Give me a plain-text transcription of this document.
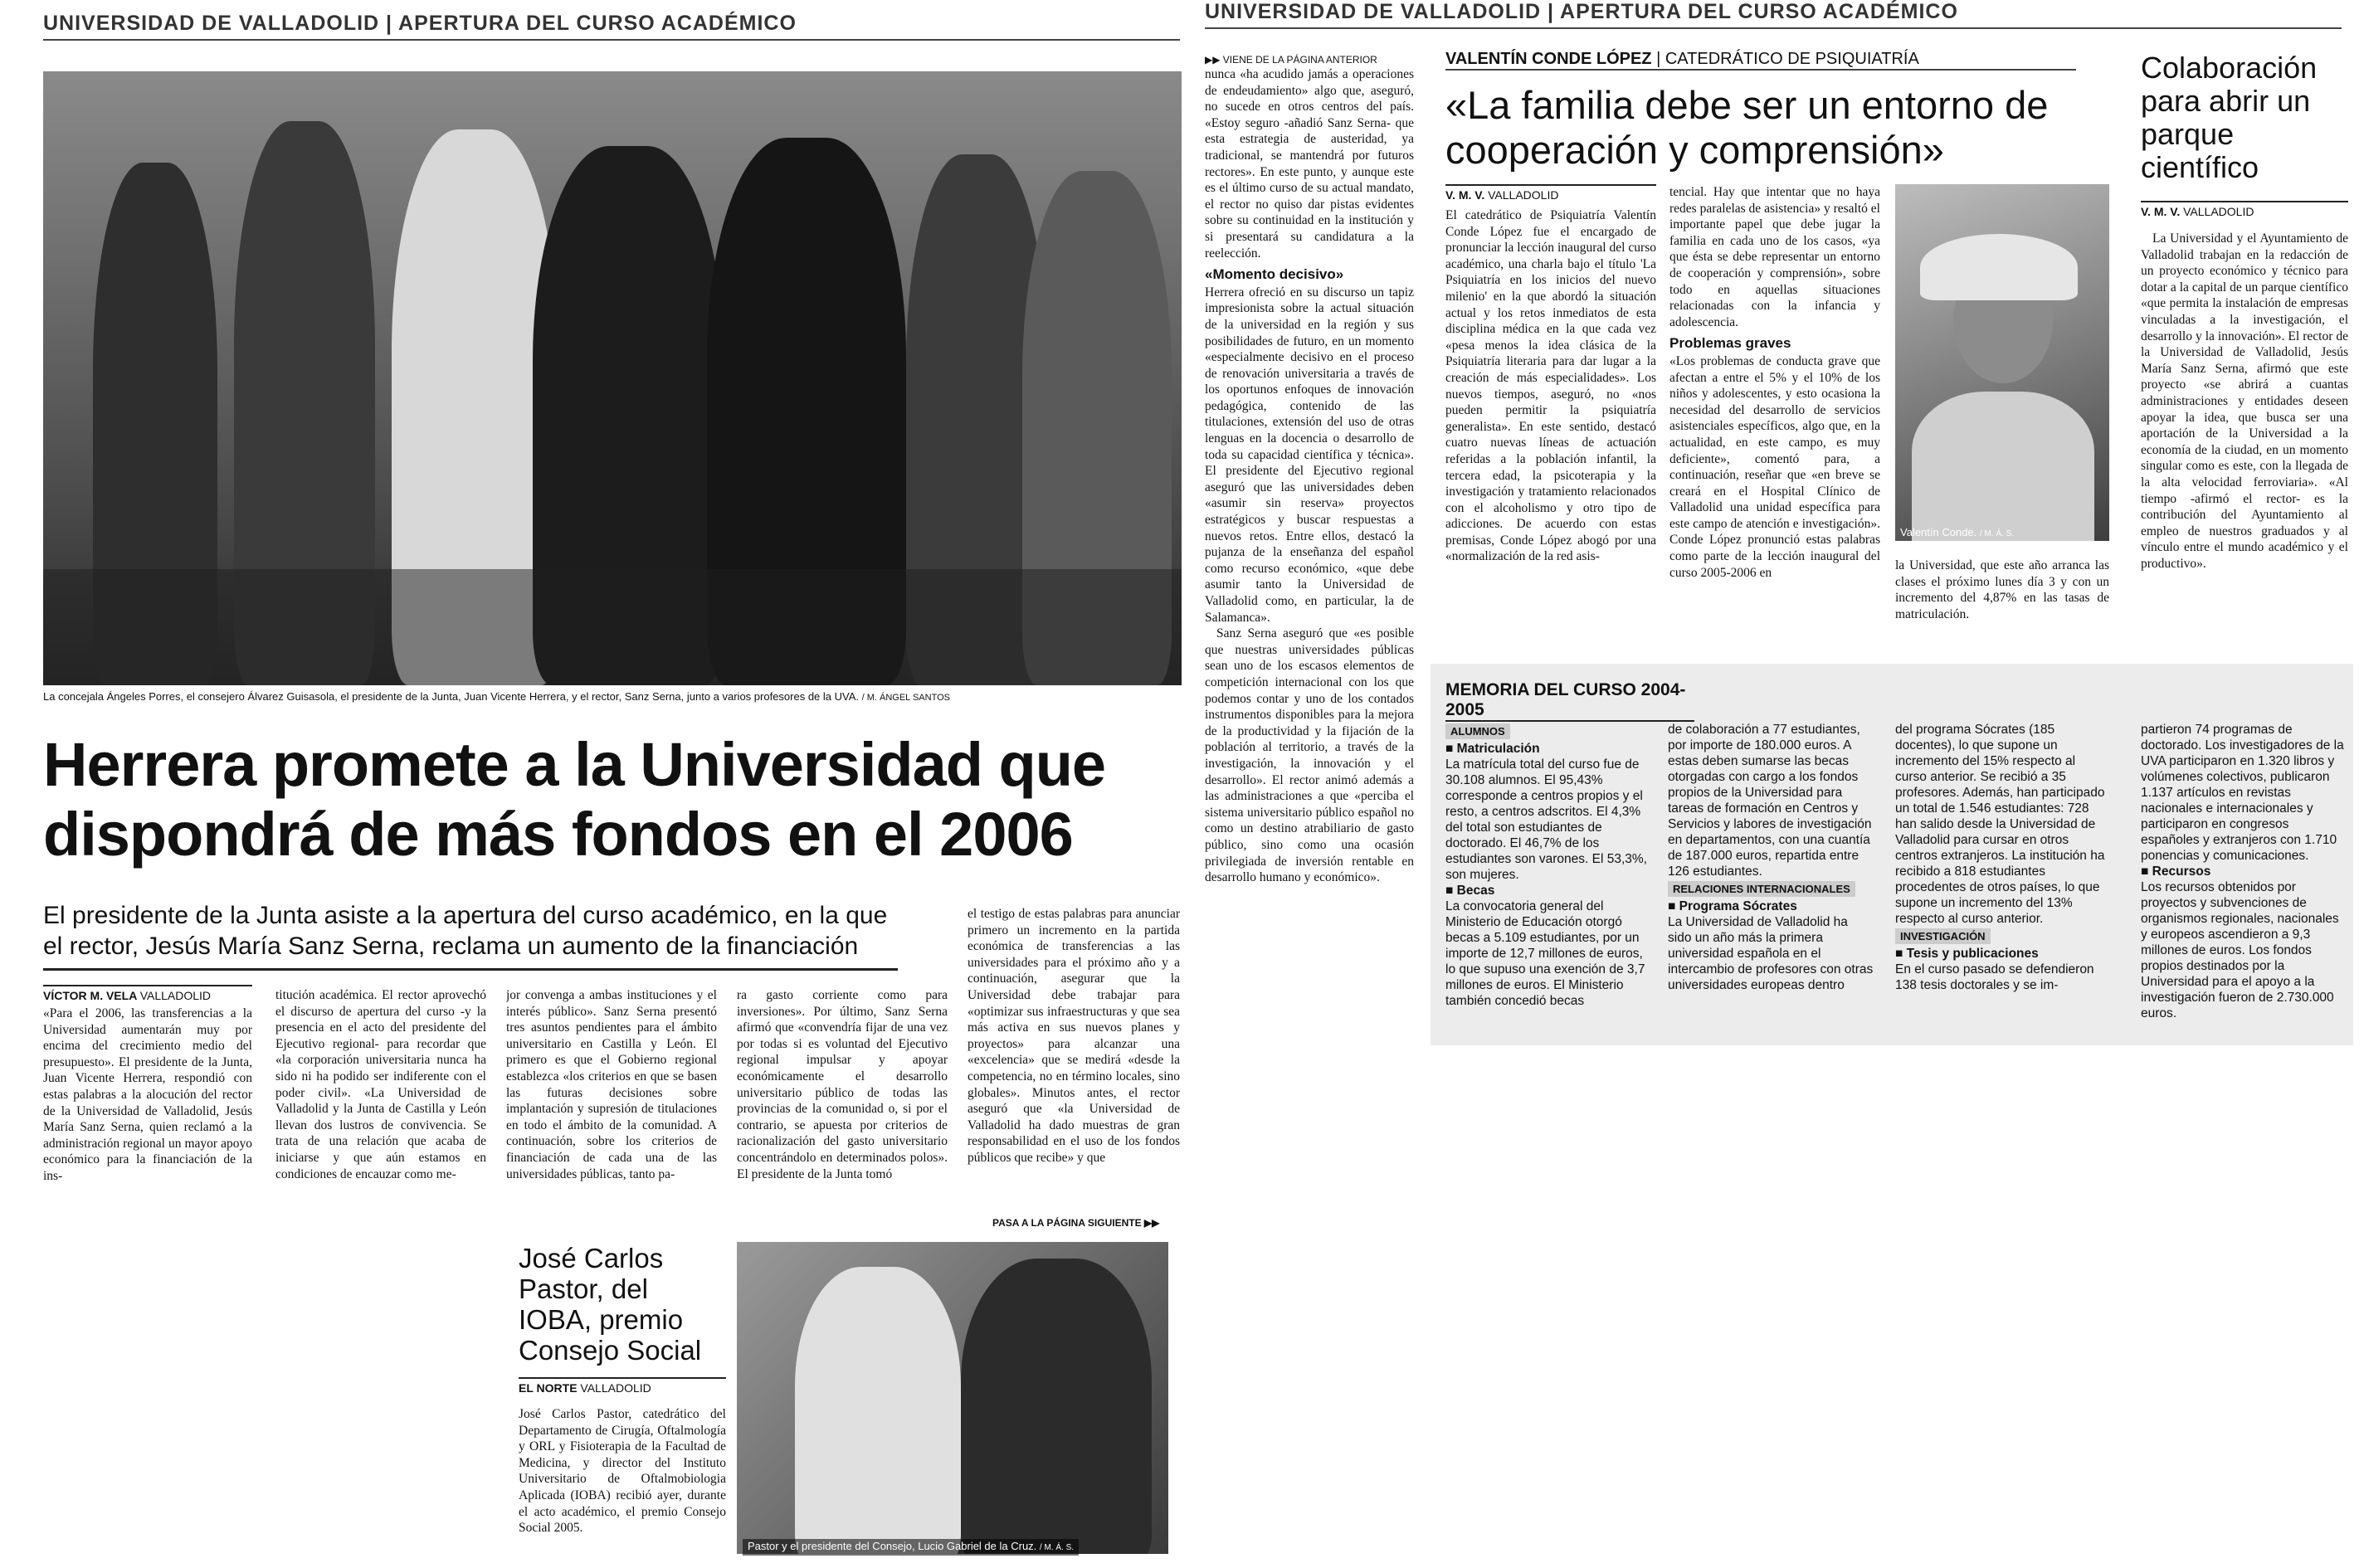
UNIVERSIDAD DE VALLADOLID | APERTURA DEL CURSO ACADÉMICO
La concejala Ángeles Porres, el consejero Álvarez Guisasola, el presidente de la Junta, Juan Vicente Herrera, y el rector, Sanz Serna, junto a varios profesores de la UVA. / M. ÁNGEL SANTOS
Herrera promete a la Universidad que dispondrá de más fondos en el 2006
El presidente de la Junta asiste a la apertura del curso académico, en la que el rector, Jesús María Sanz Serna, reclama un aumento de la financiación
VÍCTOR M. VELA VALLADOLID

«Para el 2006, las transferencias a la Universidad aumentarán muy por encima del crecimiento medio del presupuesto». El presidente de la Junta, Juan Vicente Herrera, respondió con estas palabras a la alocución del rector de la Universidad de Valladolid, Jesús María Sanz Serna, quien reclamó a la administración regional un mayor apoyo económico para la financiación de la ins-

titución académica. El rector aprovechó el discurso de apertura del curso -y la presencia en el acto del presidente del Ejecutivo regional- para recordar que «la corporación universitaria nunca ha sido ni ha podido ser indiferente con el poder civil». «La Universidad de Valladolid y la Junta de Castilla y León llevan dos lustros de convivencia. Se trata de una relación que acaba de iniciarse y que aún estamos en condiciones de encauzar como me-

jor convenga a ambas instituciones y el interés público». Sanz Serna presentó tres asuntos pendientes para el ámbito universitario en Castilla y León. El primero es que el Gobierno regional establezca «los criterios en que se basen las futuras decisiones sobre implantación y supresión de titulaciones en todo el ámbito de la comunidad. A continuación, sobre los criterios de financiación de cada una de las universidades públicas, tanto pa-

ra gasto corriente como para inversiones». Por último, Sanz Serna afirmó que «convendría fijar de una vez por todas si es voluntad del Ejecutivo regional impulsar y apoyar económicamente el desarrollo universitario público de todas las provincias de la comunidad o, si por el contrario, se apuesta por criterios de racionalización del gasto universitario concentrándolo en determinados polos». El presidente de la Junta tomó

el testigo de estas palabras para anunciar primero un incremento en la partida económica de transferencias a las universidades para el próximo año y a continuación, asegurar que la Universidad debe trabajar para «optimizar sus infraestructuras y que sea más activa en sus nuevos planes y proyectos» para alcanzar una «excelencia» que se medirá «desde la competencia, no en término locales, sino globales». Minutos antes, el rector aseguró que «la Universidad de Valladolid ha dado muestras de gran responsabilidad en el uso de los fondos públicos que recibe» y que

PASA A LA PÁGINA SIGUIENTE ▶▶
José Carlos Pastor, del IOBA, premio Consejo Social
EL NORTE VALLADOLID

José Carlos Pastor, catedrático del Departamento de Cirugía, Oftalmología y ORL y Fisioterapia de la Facultad de Medicina, y director del Instituto Universitario de Oftalmobiologia Aplicada (IOBA) recibió ayer, durante el acto académico, el premio Consejo Social 2005.

Pastor y el presidente del Consejo, Lucio Gabriel de la Cruz. / M. Á. S.
UNIVERSIDAD DE VALLADOLID | APERTURA DEL CURSO ACADÉMICO
▶▶ VIENE DE LA PÁGINA ANTERIOR

nunca «ha acudido jamás a operaciones de endeudamiento» algo que, aseguró, no sucede en otros centros del país. «Estoy seguro -añadió Sanz Serna- que esta estrategia de austeridad, ya tradicional, se mantendrá por futuros rectores». En este punto, y aunque este es el último curso de su actual mandato, el rector no quiso dar pistas evidentes sobre su continuidad en la institución y si presentará su candidatura a la reelección.

«Momento decisivo»

Herrera ofreció en su discurso un tapiz impresionista sobre la actual situación de la universidad en la región y sus posibilidades de futuro, en un momento «especialmente decisivo en el proceso de renovación universitaria a través de los oportunos enfoques de innovación pedagógica, contenido de las titulaciones, extensión del uso de otras lenguas en la docencia o desarrollo de toda su capacidad científica y técnica». El presidente del Ejecutivo regional aseguró que las universidades deben «asumir sin reserva» proyectos estratégicos y buscar respuestas a nuevos retos. Entre ellos, destacó la pujanza de la enseñanza del español como recurso económico, «que debe asumir tanto la Universidad de Valladolid como, en particular, la de Salamanca».

Sanz Serna aseguró que «es posible que nuestras universidades públicas sean uno de los escasos elementos de competición internacional con los que podemos contar y uno de los contados instrumentos disponibles para la mejora de la productividad y la fijación de la población al territorio, a través de la investigación, la innovación y el desarrollo». El rector animó además a las administraciones a que «perciba el sistema universitario público español no como un destino atrabiliario de gasto público, sino como una ocasión privilegiada de inversión rentable en desarrollo humano y económico».

VALENTÍN CONDE LÓPEZ | CATEDRÁTICO DE PSIQUIATRÍA
«La familia debe ser un entorno de cooperación y comprensión»
V. M. V. VALLADOLID

El catedrático de Psiquiatría Valentín Conde López fue el encargado de pronunciar la lección inaugural del curso académico, una charla bajo el título 'La Psiquiatría en los inicios del nuevo milenio' en la que abordó la situación actual y los retos inmediatos de esta disciplina médica en la que cada vez «pesa menos la idea clásica de la Psiquiatría literaria para dar lugar a la creación de más especialidades». Los nuevos tiempos, aseguró, no «nos pueden permitir la psiquiatría generalista». En este sentido, destacó cuatro nuevas líneas de actuación referidas a la población infantil, la tercera edad, la psicoterapia y la investigación y tratamiento relacionados con el alcoholismo y otro tipo de adicciones. De acuerdo con estas premisas, Conde López abogó por una «normalización de la red asis-

tencial. Hay que intentar que no haya redes paralelas de asistencia» y resaltó el importante papel que debe jugar la familia en cada uno de los casos, «ya que ésta se debe representar un entorno de cooperación y comprensión», sobre todo en aquellas situaciones relacionadas con la infancia y adolescencia.

Problemas graves

«Los problemas de conducta grave que afectan a entre el 5% y el 10% de los niños y adolescentes, y esto ocasiona la necesidad del desarrollo de servicios asistenciales específicos, algo que, en la actualidad, en este campo, es muy deficiente», comentó para, a continuación, reseñar que «en breve se creará en el Hospital Clínico de Valladolid una unidad específica para este campo de atención e investigación». Conde López pronunció estas palabras como parte de la lección inaugural del curso 2005-2006 en

Valentín Conde. / M. Á. S.

la Universidad, que este año arranca las clases el próximo lunes día 3 y con un incremento del 4,87% en las tasas de matriculación.

Colaboración para abrir un parque científico
V. M. V. VALLADOLID

La Universidad y el Ayuntamiento de Valladolid trabajan en la redacción de un proyecto económico y técnico para dotar a la capital de un parque científico «que permita la instalación de empresas vinculadas a la investigación, el desarrollo y la innovación». El rector de la Universidad de Valladolid, Jesús María Sanz Serna, afirmó que este proyecto «se abrirá a cuantas administraciones y entidades deseen apoyar la idea, que busca ser una aportación de la Universidad a la economía de la ciudad, en un momento singular como es este, con la llegada de la alta velocidad ferroviaria». «Al tiempo -afirmó el rector- es la contribución del Ayuntamiento al empleo de nuestros graduados y al vínculo entre el mundo académico y el productivo».

MEMORIA DEL CURSO 2004-2005
ALUMNOS
■ Matriculación
La matrícula total del curso fue de 30.108 alumnos. El 95,43% corresponde a centros propios y el resto, a centros adscritos. El 4,3% del total son estudiantes de doctorado. El 46,7% de los estudiantes son varones. El 53,3%, son mujeres.
■ Becas
La convocatoria general del Ministerio de Educación otorgó becas a 5.109 estudiantes, por un importe de 12,7 millones de euros, lo que supuso una exención de 3,7 millones de euros. El Ministerio también concedió becas
de colaboración a 77 estudiantes, por importe de 180.000 euros. A estas deben sumarse las becas otorgadas con cargo a los fondos propios de la Universidad para tareas de formación en Centros y Servicios y labores de investigación en departamentos, con una cuantía de 187.000 euros, repartida entre 126 estudiantes.
RELACIONES INTERNACIONALES
■ Programa Sócrates
La Universidad de Valladolid ha sido un año más la primera universidad española en el intercambio de profesores con otras universidades europeas dentro
del programa Sócrates (185 docentes), lo que supone un incremento del 15% respecto al curso anterior. Se recibió a 35 profesores. Además, han participado un total de 1.546 estudiantes: 728 han salido desde la Universidad de Valladolid para cursar en otros centros extranjeros. La institución ha recibido a 818 estudiantes procedentes de otros países, lo que supone un incremento del 13% respecto al curso anterior.
INVESTIGACIÓN
■ Tesis y publicaciones
En el curso pasado se defendieron 138 tesis doctorales y se im-
partieron 74 programas de doctorado. Los investigadores de la UVA participaron en 1.320 libros y volúmenes colectivos, publicaron 1.137 artículos en revistas nacionales e internacionales y participaron en congresos españoles y extranjeros con 1.710 ponencias y comunicaciones.
■ Recursos
Los recursos obtenidos por proyectos y subvenciones de organismos regionales, nacionales y europeos ascendieron a 9,3 millones de euros. Los fondos propios destinados por la Universidad para el apoyo a la investigación fueron de 2.730.000 euros.
